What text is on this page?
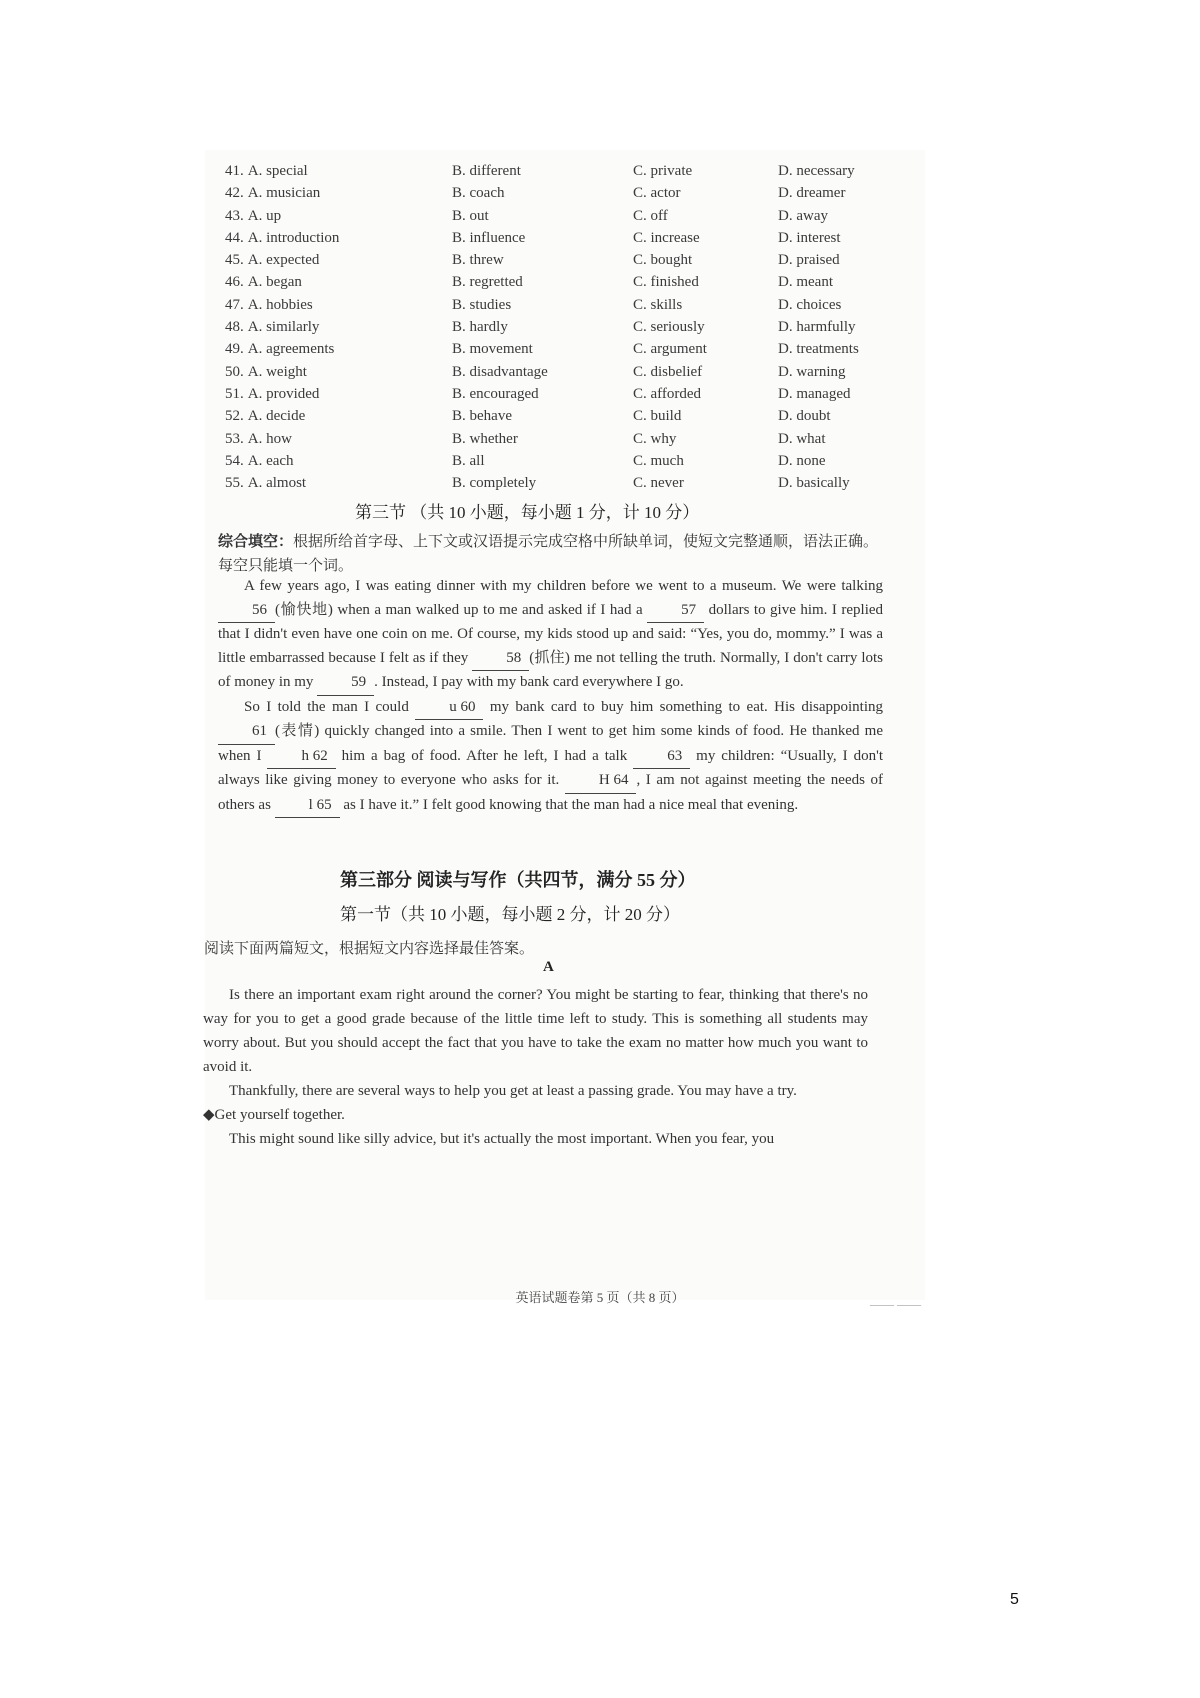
41. A. special	B. different	C. private	D. necessary
42. A. musician	B. coach	C. actor	D. dreamer
43. A. up	B. out	C. off	D. away
44. A. introduction	B. influence	C. increase	D. interest
45. A. expected	B. threw	C. bought	D. praised
46. A. began	B. regretted	C. finished	D. meant
47. A. hobbies	B. studies	C. skills	D. choices
48. A. similarly	B. hardly	C. seriously	D. harmfully
49. A. agreements	B. movement	C. argument	D. treatments
50. A. weight	B. disadvantage	C. disbelief	D. warning
51. A. provided	B. encouraged	C. afforded	D. managed
52. A. decide	B. behave	C. build	D. doubt
53. A. how	B. whether	C. why	D. what
54. A. each	B. all	C. much	D. none
55. A. almost	B. completely	C. never	D. basically
第三节 （共 10 小题，每小题 1 分，计 10 分）
综合填空：根据所给首字母、上下文或汉语提示完成空格中所缺单词，使短文完整通顺，语法正确。每空只能填一个词。

A few years ago, I was eating dinner with my children before we went to a museum. We were talking 56 (愉快地) when a man walked up to me and asked if I had a	57 dollars to give him. I replied that I didn't even have one coin on me. Of course, my kids stood up and said: “Yes, you do, mommy.” I was a little embarrassed because I felt as if they	58 (抓住) me not telling the truth. Normally, I don't carry lots of money in my	59 . Instead, I pay with my bank card everywhere I go.

So I told the man I could	u 60 my bank card to buy him something to eat. His disappointing 61 (表情) quickly changed into a smile. Then I went to get him some kinds of food. He thanked me when I	h 62 him a bag of food. After he left, I had a talk	63 my children: “Usually, I don't always like giving money to everyone who asks for it.	H 64 , I am not against meeting the needs of others as	l 65 as I have it.” I felt good knowing that the man had a nice meal that evening.

第三部分 阅读与写作（共四节，满分 55 分）
第一节（共 10 小题，每小题 2 分，计 20 分）
阅读下面两篇短文，根据短文内容选择最佳答案。
A

Is there an important exam right around the corner? You might be starting to fear, thinking that there's no way for you to get a good grade because of the little time left to study. This is something all students may worry about. But you should accept the fact that you have to take the exam no matter how much you want to avoid it.

Thankfully, there are several ways to help you get at least a passing grade. You may have a try.

◆Get yourself together.

This might sound like silly advice, but it's actually the most important. When you fear, you

英语试题卷第 5 页（共 8 页）	—— ——
5
